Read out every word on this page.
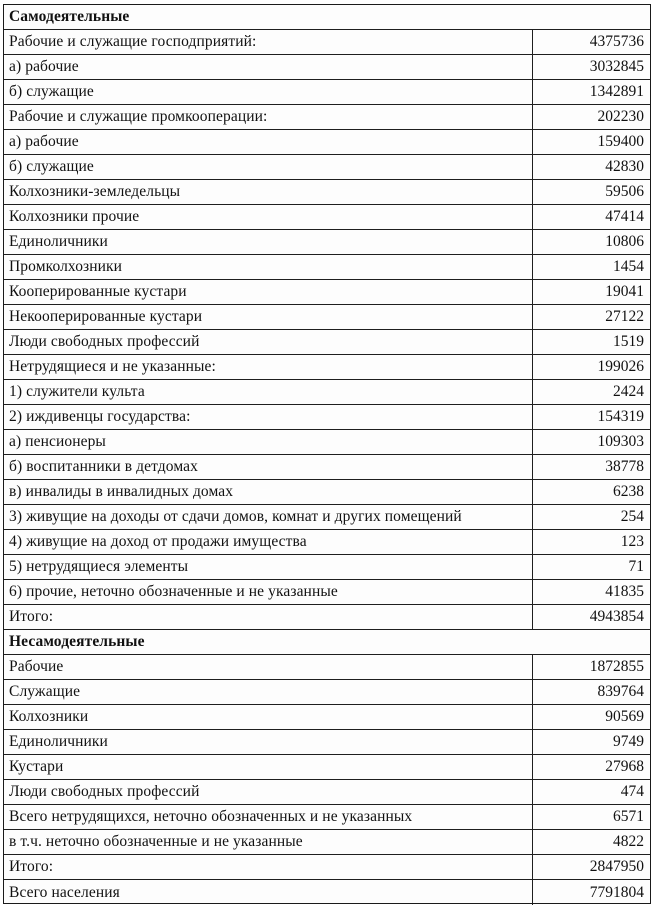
Самодеятельные
Рабочие и служащие господприятий:	4375736
а) рабочие	3032845
б) служащие	1342891
Рабочие и служащие промкооперации:	202230
а) рабочие	159400
б) служащие	42830
Колхозники-земледельцы	59506
Колхозники прочие	47414
Единоличники	10806
Промколхозники	1454
Кооперированные кустари	19041
Некооперированные кустари	27122
Люди свободных профессий	1519
Нетрудящиеся и не указанные:	199026
1) служители культа	2424
2) иждивенцы государства:	154319
а) пенсионеры	109303
б) воспитанники в детдомах	38778
в) инвалиды в инвалидных домах	6238
3) живущие на доходы от сдачи домов, комнат и других помещений	254
4) живущие на доход от продажи имущества	123
5) нетрудящиеся элементы	71
6) прочие, неточно обозначенные и не указанные	41835
Итого:	4943854
Несамодеятельные
Рабочие	1872855
Служащие	839764
Колхозники	90569
Единоличники	9749
Кустари	27968
Люди свободных профессий	474
Всего нетрудящихся, неточно обозначенных и не указанных	6571
в т.ч. неточно обозначенные и не указанные	4822
Итого:	2847950
Всего населения	7791804
